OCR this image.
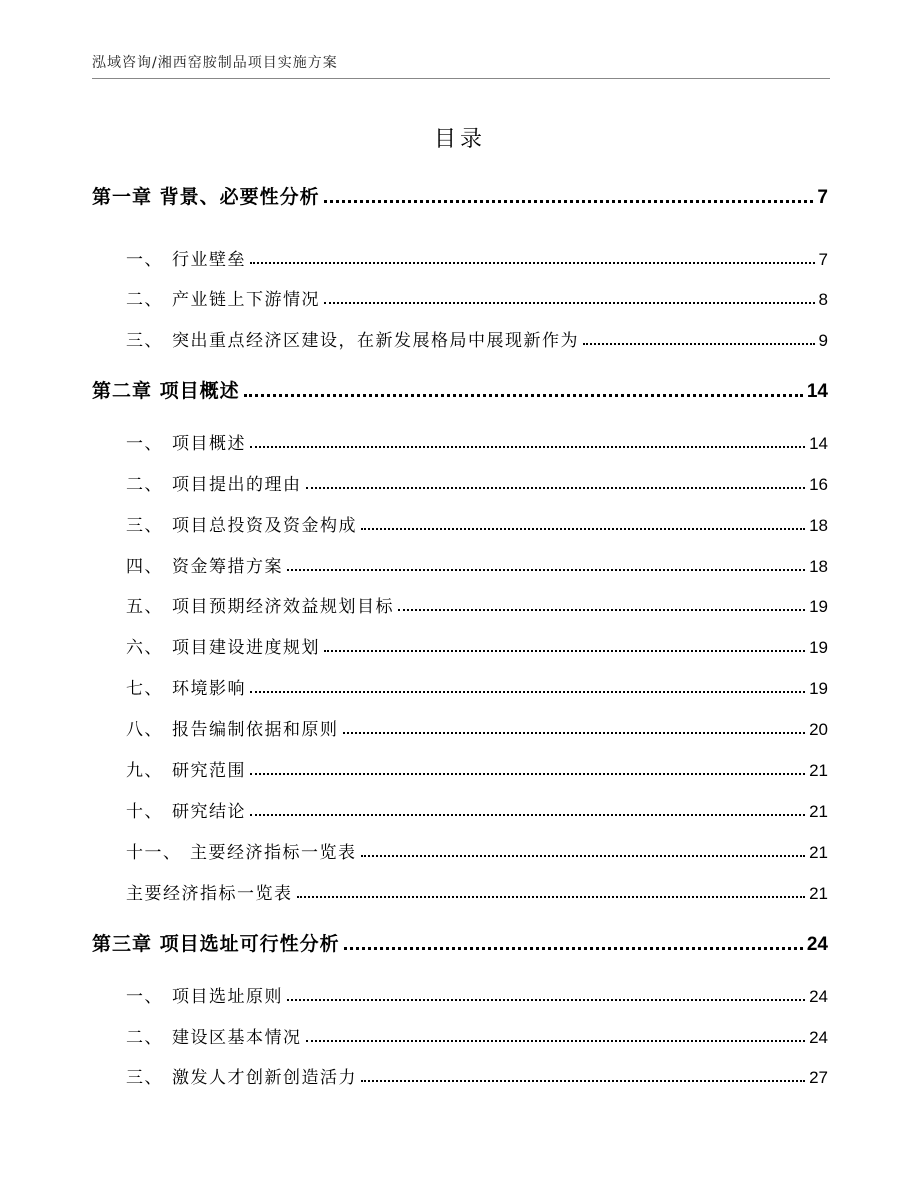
泓域咨询/湘西窑胺制品项目实施方案
目录
第一章 背景、必要性分析	7
一、 行业壁垒	7
二、 产业链上下游情况	8
三、 突出重点经济区建设，在新发展格局中展现新作为	9
第二章 项目概述	14
一、 项目概述	14
二、 项目提出的理由	16
三、 项目总投资及资金构成	18
四、 资金筹措方案	18
五、 项目预期经济效益规划目标	19
六、 项目建设进度规划	19
七、 环境影响	19
八、 报告编制依据和原则	20
九、 研究范围	21
十、 研究结论	21
十一、 主要经济指标一览表	21
主要经济指标一览表	21
第三章 项目选址可行性分析	24
一、 项目选址原则	24
二、 建设区基本情况	24
三、 激发人才创新创造活力	27
